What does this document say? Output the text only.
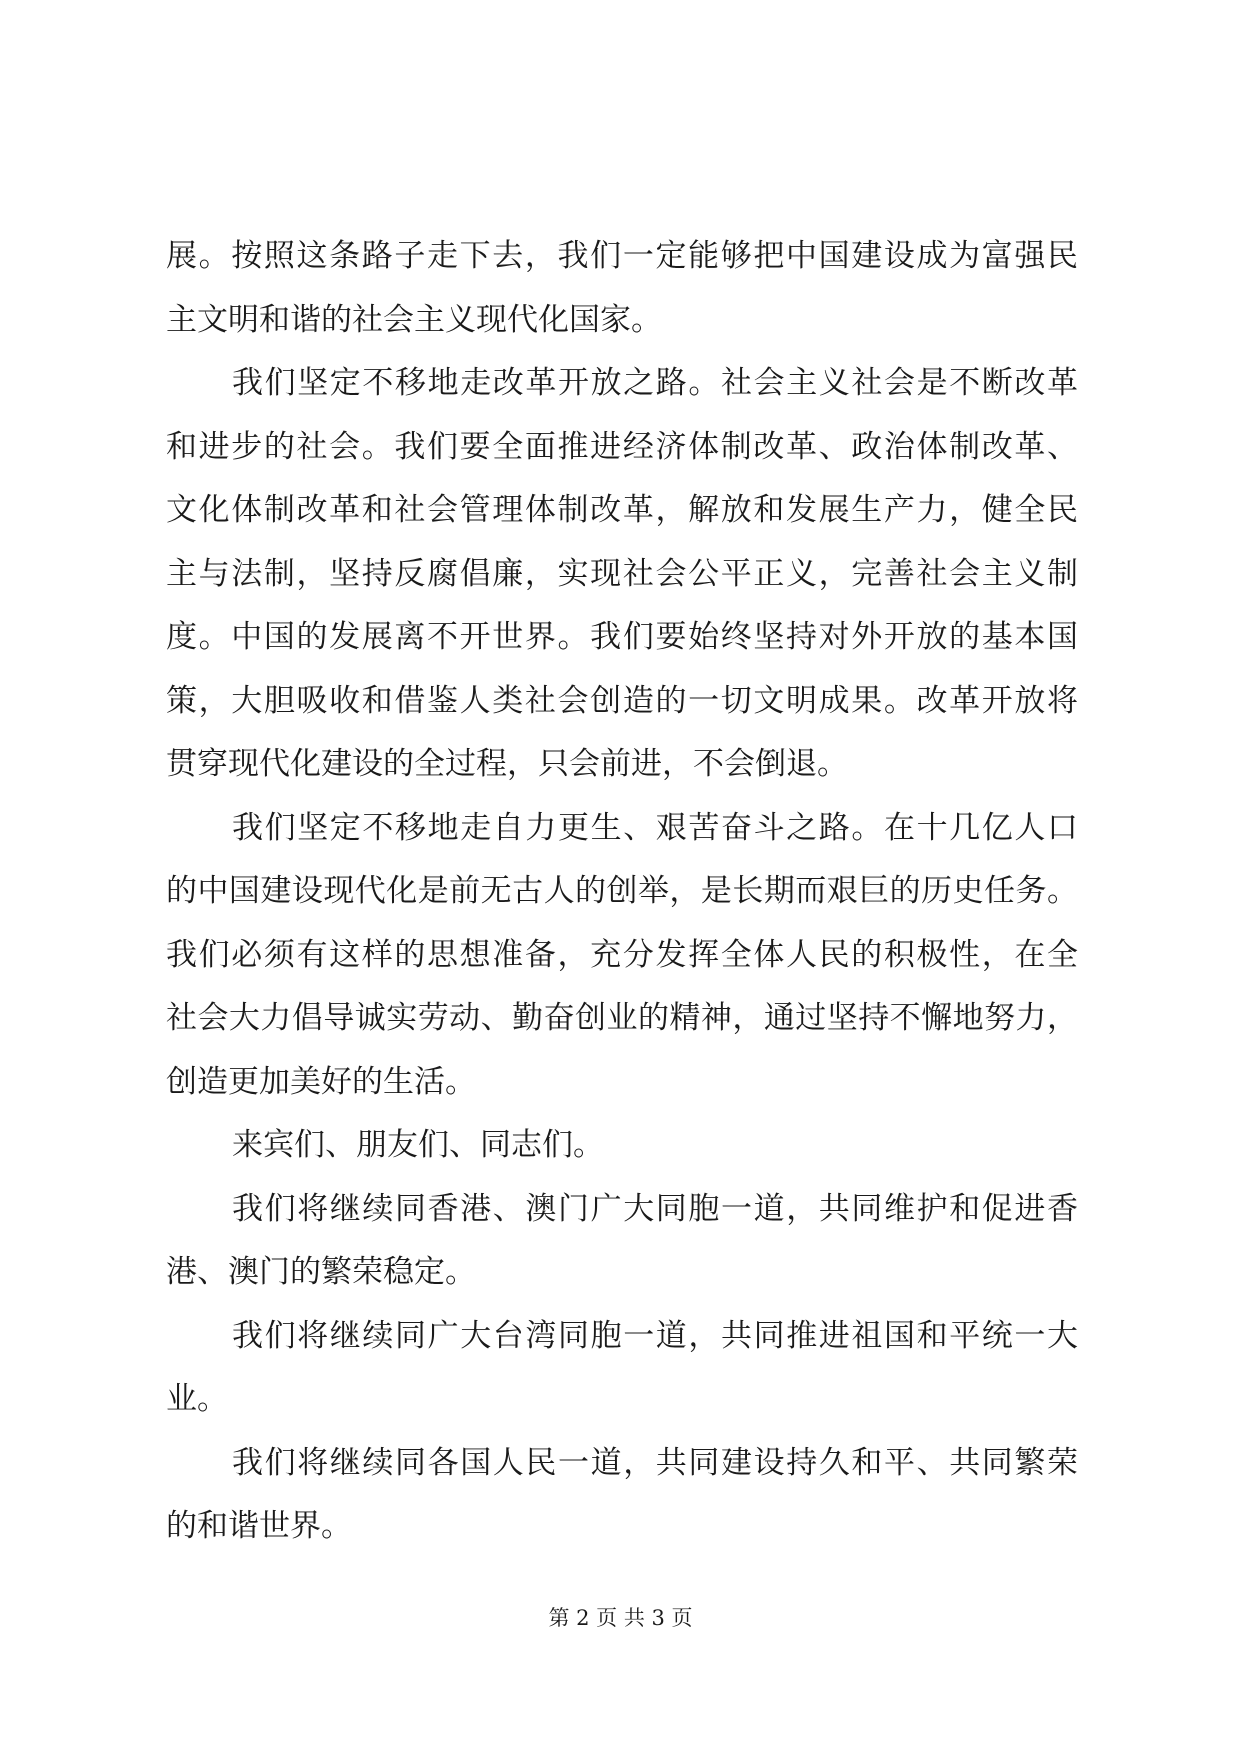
展。按照这条路子走下去，我们一定能够把中国建设成为富强民
主文明和谐的社会主义现代化国家。
我们坚定不移地走改革开放之路。社会主义社会是不断改革
和进步的社会。我们要全面推进经济体制改革、政治体制改革、
文化体制改革和社会管理体制改革，解放和发展生产力，健全民
主与法制，坚持反腐倡廉，实现社会公平正义，完善社会主义制
度。中国的发展离不开世界。我们要始终坚持对外开放的基本国
策，大胆吸收和借鉴人类社会创造的一切文明成果。改革开放将
贯穿现代化建设的全过程，只会前进，不会倒退。
我们坚定不移地走自力更生、艰苦奋斗之路。在十几亿人口
的中国建设现代化是前无古人的创举，是长期而艰巨的历史任务。
我们必须有这样的思想准备，充分发挥全体人民的积极性，在全
社会大力倡导诚实劳动、勤奋创业的精神，通过坚持不懈地努力，
创造更加美好的生活。
来宾们、朋友们、同志们。
我们将继续同香港、澳门广大同胞一道，共同维护和促进香
港、澳门的繁荣稳定。
我们将继续同广大台湾同胞一道，共同推进祖国和平统一大
业。
我们将继续同各国人民一道，共同建设持久和平、共同繁荣
的和谐世界。
第 2 页 共 3 页
